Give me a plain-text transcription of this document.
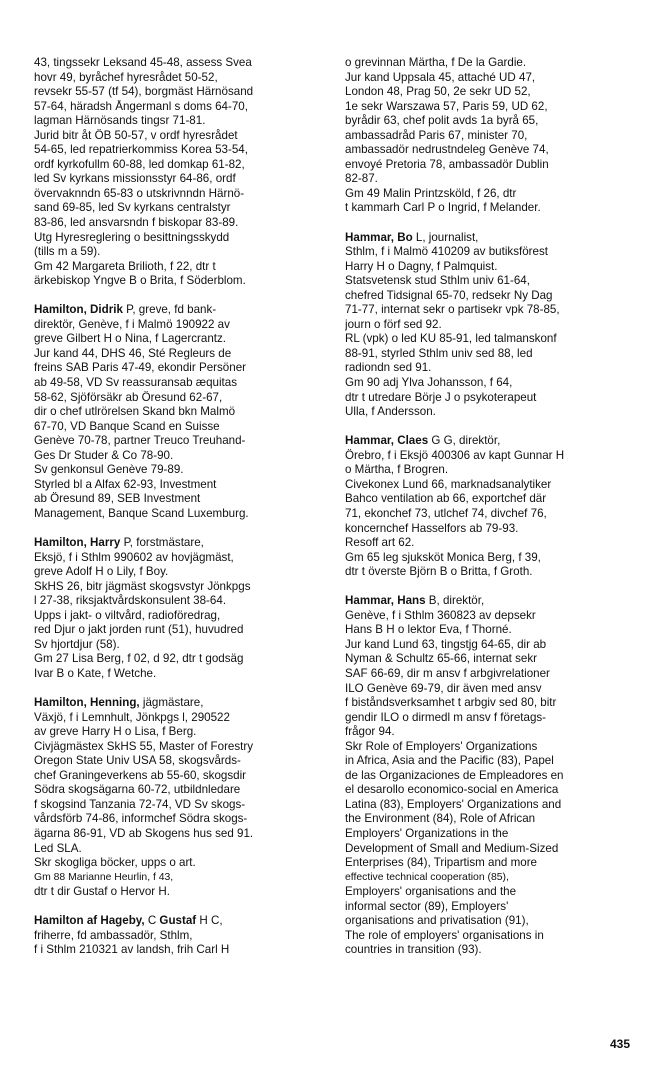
43, tingssekr Leksand 45-48, assess Svea
hovr 49, byråchef hyresrådet 50-52,
revsekr 55-57 (tf 54), borgmäst Härnösand
57-64, häradsh Ångermanl s doms 64-70,
lagman Härnösands tingsr 71-81.
Jurid bitr åt ÖB 50-57, v ordf hyresrådet
54-65, led repatrierkommiss Korea 53-54,
ordf kyrkofullm 60-88, led domkap 61-82,
led Sv kyrkans missionsstyr 64-86, ordf
övervaknndn 65-83 o utskrivnndn Härnö-
sand 69-85, led Sv kyrkans centralstyr
83-86, led ansvarsndn f biskopar 83-89.
Utg Hyresreglering o besittningsskydd
(tills m a 59).
Gm 42 Margareta Brilioth, f 22, dtr t
ärkebiskop Yngve B o Brita, f Söderblom.
Hamilton, Didrik P, greve, fd bank-
direktör, Genève, f i Malmö 190922 av
greve Gilbert H o Nina, f Lagercrantz.
Jur kand 44, DHS 46, Sté Regleurs de
freins SAB Paris 47-49, ekondir Persöner
ab 49-58, VD Sv reassuransab æquitas
58-62, Sjöförsäkr ab Öresund 62-67,
dir o chef utlrörelsen Skand bkn Malmö
67-70, VD Banque Scand en Suisse
Genève 70-78, partner Treuco Treuhand-
Ges Dr Studer & Co 78-90.
Sv genkonsul Genève 79-89.
Styrled bl a Alfax 62-93, Investment
ab Öresund 89, SEB Investment
Management, Banque Scand Luxemburg.
Hamilton, Harry P, forstmästare,
Eksjö, f i Sthlm 990602 av hovjägmäst,
greve Adolf H o Lily, f Boy.
SkHS 26, bitr jägmäst skogsvstyr Jönkpgs
l 27-38, riksjaktvårdskonsulent 38-64.
Upps i jakt- o viltvård, radioföredrag,
red Djur o jakt jorden runt (51), huvudred
Sv hjortdjur (58).
Gm 27 Lisa Berg, f 02, d 92, dtr t godsäg
Ivar B o Kate, f Wetche.
Hamilton, Henning, jägmästare,
Växjö, f i Lemnhult, Jönkpgs l, 290522
av greve Harry H o Lisa, f Berg.
Civjägmästex SkHS 55, Master of Forestry
Oregon State Univ USA 58, skogsvårds-
chef Graningeverkens ab 55-60, skogsdir
Södra skogsägarna 60-72, utbildnledare
f skogsind Tanzania 72-74, VD Sv skogs-
vårdsförb 74-86, informchef Södra skogs-
ägarna 86-91, VD ab Skogens hus sed 91.
Led SLA.
Skr skogliga böcker, upps o art.
Gm 88 Marianne Heurlin, f 43,
dtr t dir Gustaf o Hervor H.
Hamilton af Hageby, C Gustaf H C,
friherre, fd ambassadör, Sthlm,
f i Sthlm 210321 av landsh, frih Carl H
o grevinnan Märtha, f De la Gardie.
Jur kand Uppsala 45, attaché UD 47,
London 48, Prag 50, 2e sekr UD 52,
1e sekr Warszawa 57, Paris 59, UD 62,
byrådir 63, chef polit avds 1a byrå 65,
ambassadråd Paris 67, minister 70,
ambassadör nedrustndeleg Genève 74,
envoyé Pretoria 78, ambassadör Dublin
82-87.
Gm 49 Malin Printzsköld, f 26, dtr
t kammarh Carl P o Ingrid, f Melander.
Hammar, Bo L, journalist,
Sthlm, f i Malmö 410209 av butiksförest
Harry H o Dagny, f Palmquist.
Statsvetensk stud Sthlm univ 61-64,
chefred Tidsignal 65-70, redsekr Ny Dag
71-77, internat sekr o partisekr vpk 78-85,
journ o förf sed 92.
RL (vpk) o led KU 85-91, led talmanskonf
88-91, styrled Sthlm univ sed 88, led
radiondn sed 91.
Gm 90 adj Ylva Johansson, f 64,
dtr t utredare Börje J o psykoterapeut
Ulla, f Andersson.
Hammar, Claes G G, direktör,
Örebro, f i Eksjö 400306 av kapt Gunnar H
o Märtha, f Brogren.
Civekonex Lund 66, marknadsanalytiker
Bahco ventilation ab 66, exportchef där
71, ekonchef 73, utlchef 74, divchef 76,
koncernchef Hasselfors ab 79-93.
Resoff art 62.
Gm 65 leg sjuksköt Monica Berg, f 39,
dtr t överste Björn B o Britta, f Groth.
Hammar, Hans B, direktör,
Genève, f i Sthlm 360823 av depsekr
Hans B H o lektor Eva, f Thorné.
Jur kand Lund 63, tingstjg 64-65, dir ab
Nyman & Schultz 65-66, internat sekr
SAF 66-69, dir m ansv f arbgivrelationer
ILO Genève 69-79, dir även med ansv
f biståndsverksamhet t arbgiv sed 80, bitr
gendir ILO o dirmedl m ansv f företags-
frågor 94.
Skr Role of Employers' Organizations
in Africa, Asia and the Pacific (83), Papel
de las Organizaciones de Empleadores en
el desarollo economico-social en America
Latina (83), Employers' Organizations and
the Environment (84), Role of African
Employers' Organizations in the
Development of Small and Medium-Sized
Enterprises (84), Tripartism and more
effective technical cooperation (85),
Employers' organisations and the
informal sector (89), Employers'
organisations and privatisation (91),
The role of employers' organisations in
countries in transition (93).
435
